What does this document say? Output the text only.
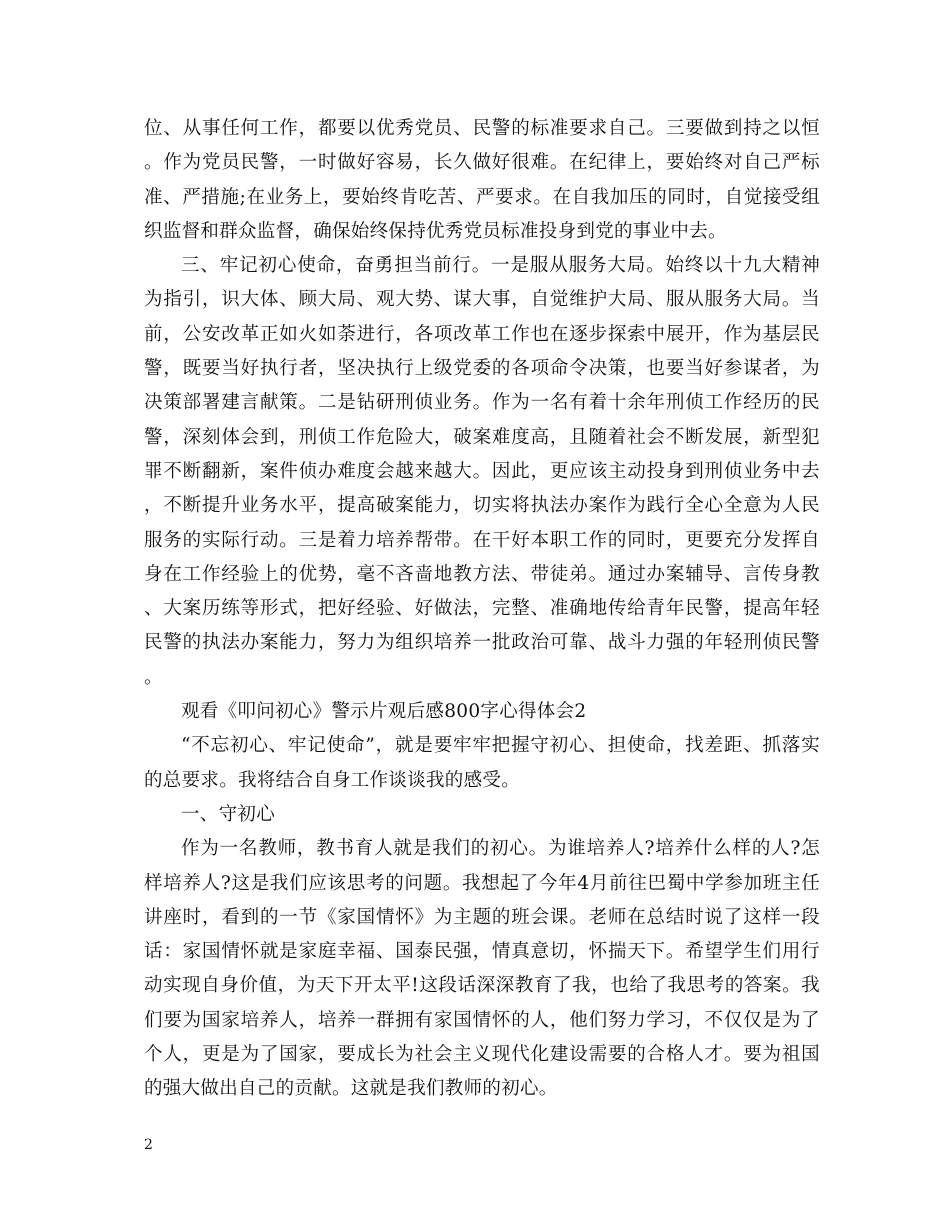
位、从事任何工作，都要以优秀党员、民警的标准要求自己。三要做到持之以恒。作为党员民警，一时做好容易，长久做好很难。在纪律上，要始终对自己严标准、严措施;在业务上，要始终肯吃苦、严要求。在自我加压的同时，自觉接受组织监督和群众监督，确保始终保持优秀党员标准投身到党的事业中去。

三、牢记初心使命，奋勇担当前行。一是服从服务大局。始终以十九大精神为指引，识大体、顾大局、观大势、谋大事，自觉维护大局、服从服务大局。当前，公安改革正如火如荼进行，各项改革工作也在逐步探索中展开，作为基层民警，既要当好执行者，坚决执行上级党委的各项命令决策，也要当好参谋者，为决策部署建言献策。二是钻研刑侦业务。作为一名有着十余年刑侦工作经历的民警，深刻体会到，刑侦工作危险大，破案难度高，且随着社会不断发展，新型犯罪不断翻新，案件侦办难度会越来越大。因此，更应该主动投身到刑侦业务中去，不断提升业务水平，提高破案能力，切实将执法办案作为践行全心全意为人民服务的实际行动。三是着力培养帮带。在干好本职工作的同时，更要充分发挥自身在工作经验上的优势，毫不吝啬地教方法、带徒弟。通过办案辅导、言传身教、大案历练等形式，把好经验、好做法，完整、准确地传给青年民警，提高年轻民警的执法办案能力，努力为组织培养一批政治可靠、战斗力强的年轻刑侦民警。

观看《叩问初心》警示片观后感800字心得体会2

“不忘初心、牢记使命”，就是要牢牢把握守初心、担使命，找差距、抓落实的总要求。我将结合自身工作谈谈我的感受。

一、守初心

作为一名教师，教书育人就是我们的初心。为谁培养人?培养什么样的人?怎样培养人?这是我们应该思考的问题。我想起了今年4月前往巴蜀中学参加班主任讲座时，看到的一节《家国情怀》为主题的班会课。老师在总结时说了这样一段话：家国情怀就是家庭幸福、国泰民强，情真意切，怀揣天下。希望学生们用行动实现自身价值，为天下开太平!这段话深深教育了我，也给了我思考的答案。我们要为国家培养人，培养一群拥有家国情怀的人，他们努力学习，不仅仅是为了个人，更是为了国家，要成长为社会主义现代化建设需要的合格人才。要为祖国的强大做出自己的贡献。这就是我们教师的初心。

2
